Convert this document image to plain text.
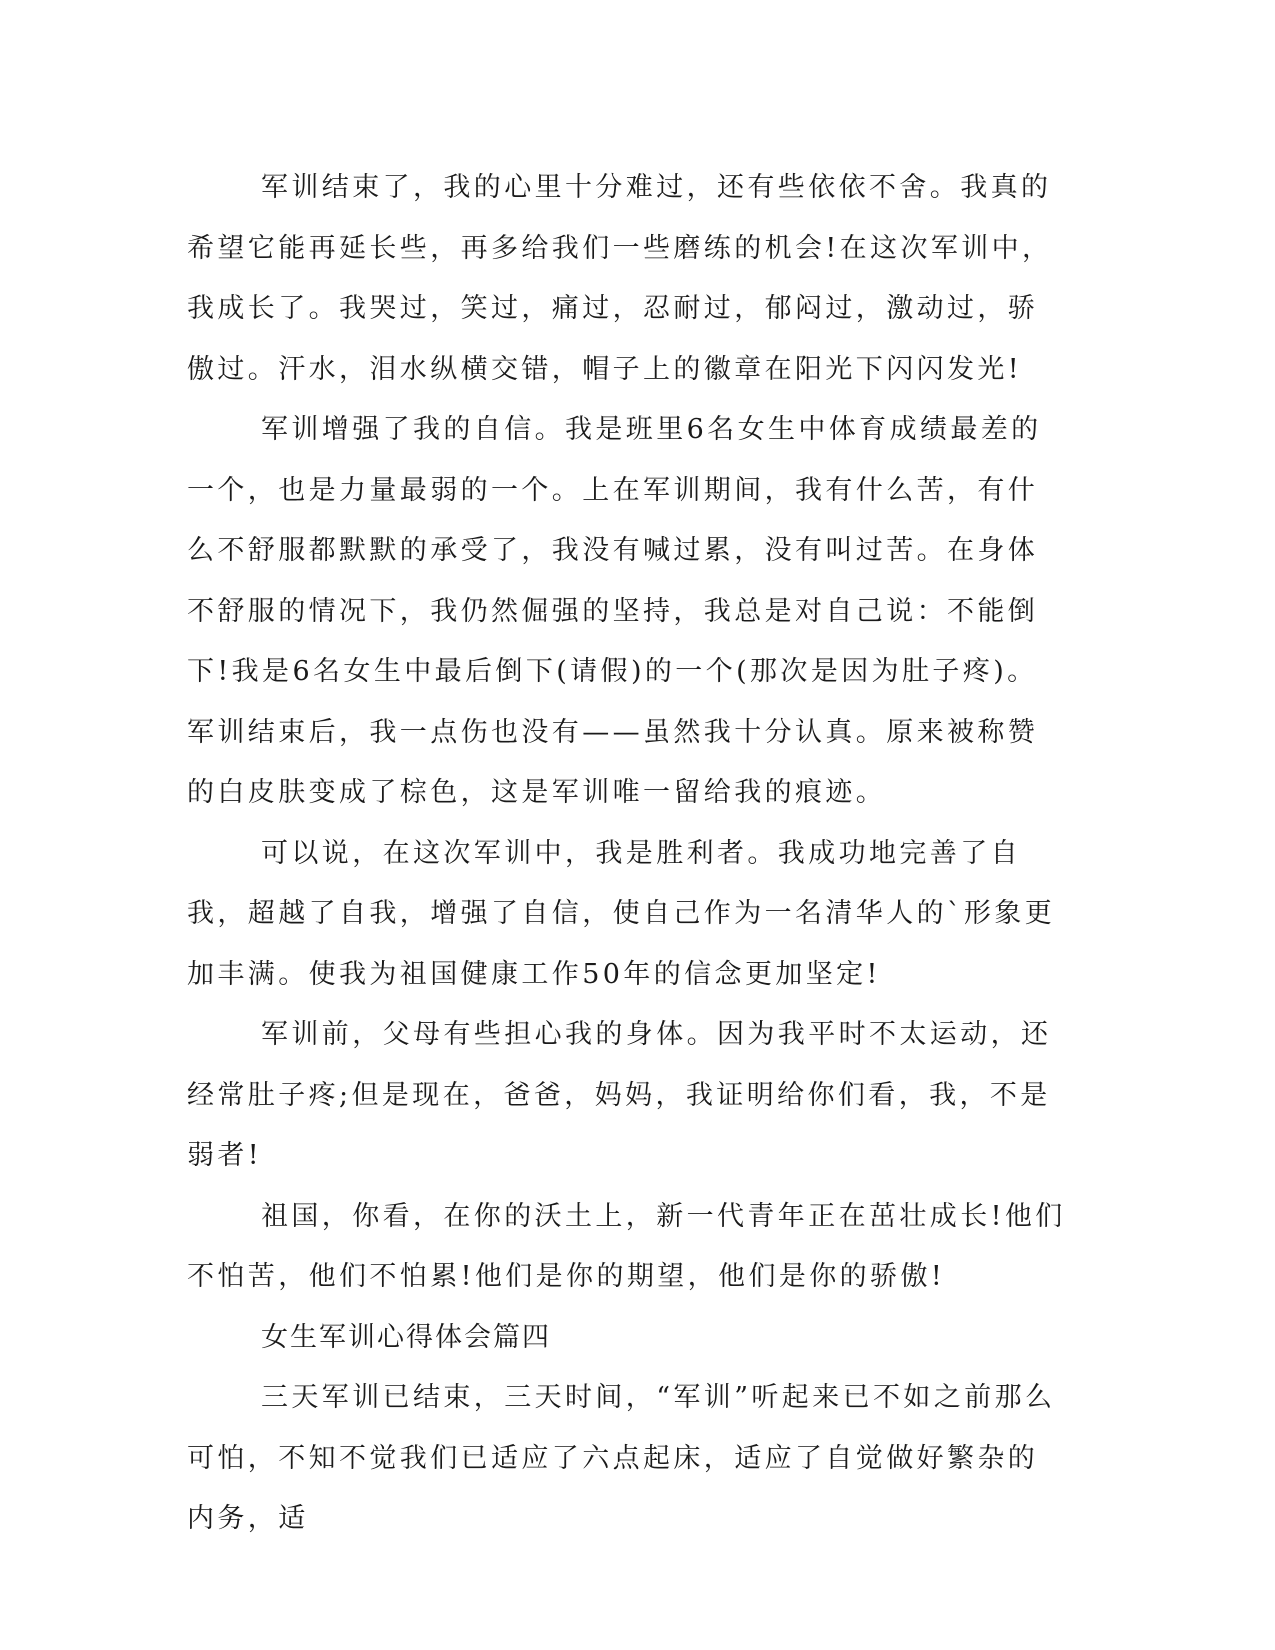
军训结束了，我的心里十分难过，还有些依依不舍。我真的希望它能再延长些，再多给我们一些磨练的机会!在这次军训中，我成长了。我哭过，笑过，痛过，忍耐过，郁闷过，激动过，骄傲过。汗水，泪水纵横交错，帽子上的徽章在阳光下闪闪发光!

军训增强了我的自信。我是班里6名女生中体育成绩最差的一个，也是力量最弱的一个。上在军训期间，我有什么苦，有什么不舒服都默默的承受了，我没有喊过累，没有叫过苦。在身体不舒服的情况下，我仍然倔强的坚持，我总是对自己说：不能倒下!我是6名女生中最后倒下(请假)的一个(那次是因为肚子疼)。军训结束后，我一点伤也没有——虽然我十分认真。原来被称赞的白皮肤变成了棕色，这是军训唯一留给我的痕迹。

可以说，在这次军训中，我是胜利者。我成功地完善了自我，超越了自我，增强了自信，使自己作为一名清华人的`形象更加丰满。使我为祖国健康工作50年的信念更加坚定!

军训前，父母有些担心我的身体。因为我平时不太运动，还经常肚子疼;但是现在，爸爸，妈妈，我证明给你们看，我，不是弱者!

祖国，你看，在你的沃土上，新一代青年正在茁壮成长!他们不怕苦，他们不怕累!他们是你的期望，他们是你的骄傲!

女生军训心得体会篇四

三天军训已结束，三天时间，“军训”听起来已不如之前那么可怕，不知不觉我们已适应了六点起床，适应了自觉做好繁杂的内务，适
